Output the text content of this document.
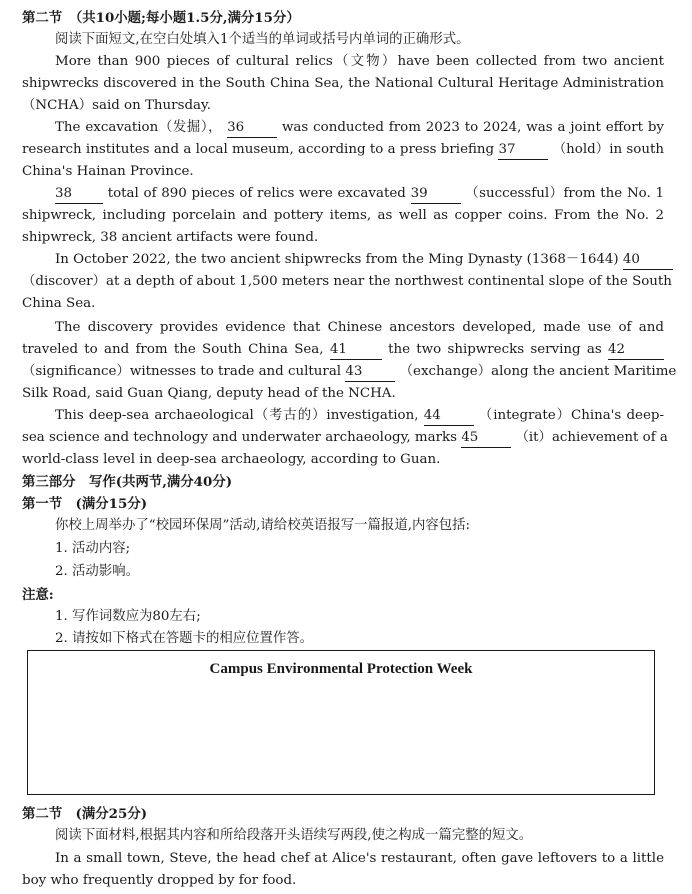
第二节　（共10小题;每小题1.5分,满分15分）
阅读下面短文,在空白处填入1个适当的单词或括号内单词的正确形式。
More than 900 pieces of cultural relics（文物）have been collected from two ancient
shipwrecks discovered in the South China Sea, the National Cultural Heritage Administration
（NCHA）said on Thursday.
The excavation（发掘）， 36	was conducted from 2023 to 2024, was a joint effort by
research institutes and a local museum, according to a press briefing 37	（hold）in south
China's Hainan Province.
38	total of 890 pieces of relics were excavated 39	（successful）from the No. 1
shipwreck, including porcelain and pottery items, as well as copper coins. From the No. 2
shipwreck, 38 ancient artifacts were found.
In October 2022, the two ancient shipwrecks from the Ming Dynasty (1368－1644) 40
（discover）at a depth of about 1,500 meters near the northwest continental slope of the South
China Sea.
The discovery provides evidence that Chinese ancestors developed, made use of and
traveled to and from the South China Sea, 41	the two shipwrecks serving as 42
（significance）witnesses to trade and cultural 43	（exchange）along the ancient Maritime
Silk Road, said Guan Qiang, deputy head of the NCHA.
This deep-sea archaeological（考古的）investigation, 44	（integrate）China's deep-
sea science and technology and underwater archaeology, marks 45	（it）achievement of a
world-class level in deep-sea archaeology, according to Guan.
第三部分　写作(共两节,满分40分)
第一节　(满分15分)
你校上周举办了“校园环保周”活动,请给校英语报写一篇报道,内容包括:
1. 活动内容;
2. 活动影响。
注意:
1. 写作词数应为80左右;
2. 请按如下格式在答题卡的相应位置作答。
Campus Environmental Protection Week
第二节　(满分25分)
阅读下面材料,根据其内容和所给段落开头语续写两段,使之构成一篇完整的短文。
In a small town, Steve, the head chef at Alice's restaurant, often gave leftovers to a little
boy who frequently dropped by for food.
